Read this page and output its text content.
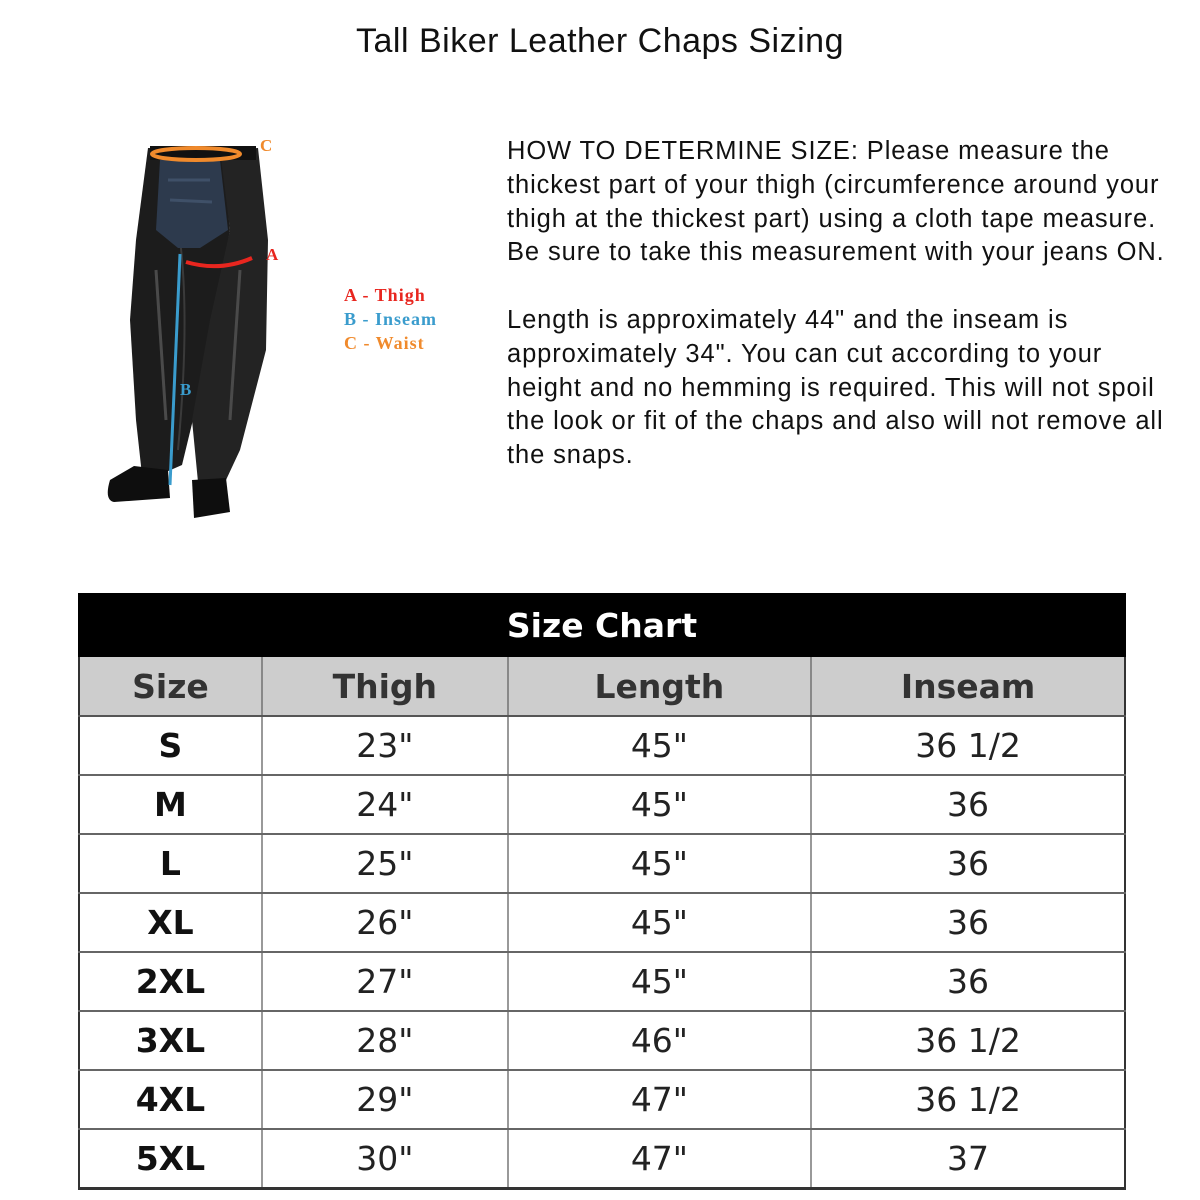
Tall Biker Leather Chaps Sizing
C
A
B
A - Thigh
B - Inseam
C - Waist

HOW TO DETERMINE SIZE: Please measure the thickest part of your thigh (circumference around your thigh at the thickest part) using a cloth tape measure. Be sure to take this measurement with your jeans ON.

Length is approximately 44" and the inseam is approximately 34". You can cut according to your height and no hemming is required. This will not spoil the look or fit of the chaps and also will not remove all the snaps.

Size Chart			
Size	Thigh	Length	Inseam
S	23"	45"	36 1/2
M	24"	45"	36
L	25"	45"	36
XL	26"	45"	36
2XL	27"	45"	36
3XL	28"	46"	36 1/2
4XL	29"	47"	36 1/2
5XL	30"	47"	37
